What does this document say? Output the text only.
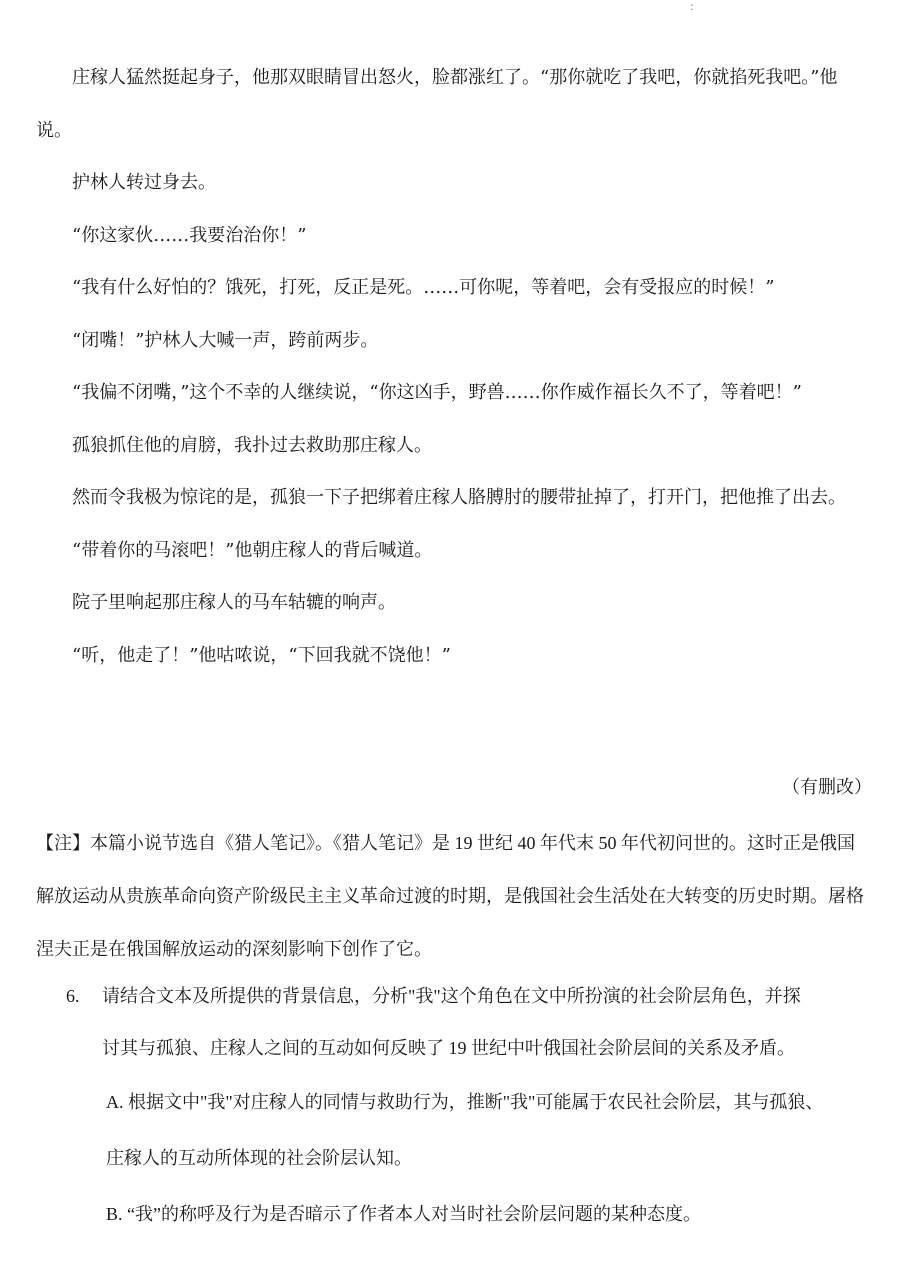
:

庄稼人猛然挺起身子，他那双眼睛冒出怒火，脸都涨红了。“那你就吃了我吧，你就掐死我吧。”他说。

护林人转过身去。

“你这家伙……我要治治你！”

“我有什么好怕的？饿死，打死，反正是死。……可你呢，等着吧，会有受报应的时候！”

“闭嘴！”护林人大喊一声，跨前两步。

“我偏不闭嘴，”这个不幸的人继续说，“你这凶手，野兽……你作威作福长久不了，等着吧！”

孤狼抓住他的肩膀，我扑过去救助那庄稼人。

然而令我极为惊诧的是，孤狼一下子把绑着庄稼人胳膊肘的腰带扯掉了，打开门，把他推了出去。

“带着你的马滚吧！”他朝庄稼人的背后喊道。

院子里响起那庄稼人的马车轱辘的响声。

“听，他走了！”他咕哝说，“下回我就不饶他！”

（有删改）
【注】本篇小说节选自《猎人笔记》。《猎人笔记》是 19 世纪 40 年代末 50 年代初问世的。这时正是俄国解放运动从贵族革命向资产阶级民主主义革命过渡的时期，是俄国社会生活处在大转变的历史时期。屠格涅夫正是在俄国解放运动的深刻影响下创作了它。
6. 请结合文本及所提供的背景信息，分析"我"这个角色在文中所扮演的社会阶层角色，并探
讨其与孤狼、庄稼人之间的互动如何反映了 19 世纪中叶俄国社会阶层间的关系及矛盾。
A. 根据文中"我"对庄稼人的同情与救助行为，推断"我"可能属于农民社会阶层，其与孤狼、
庄稼人的互动所体现的社会阶层认知。
B. “我”的称呼及行为是否暗示了作者本人对当时社会阶层问题的某种态度。
